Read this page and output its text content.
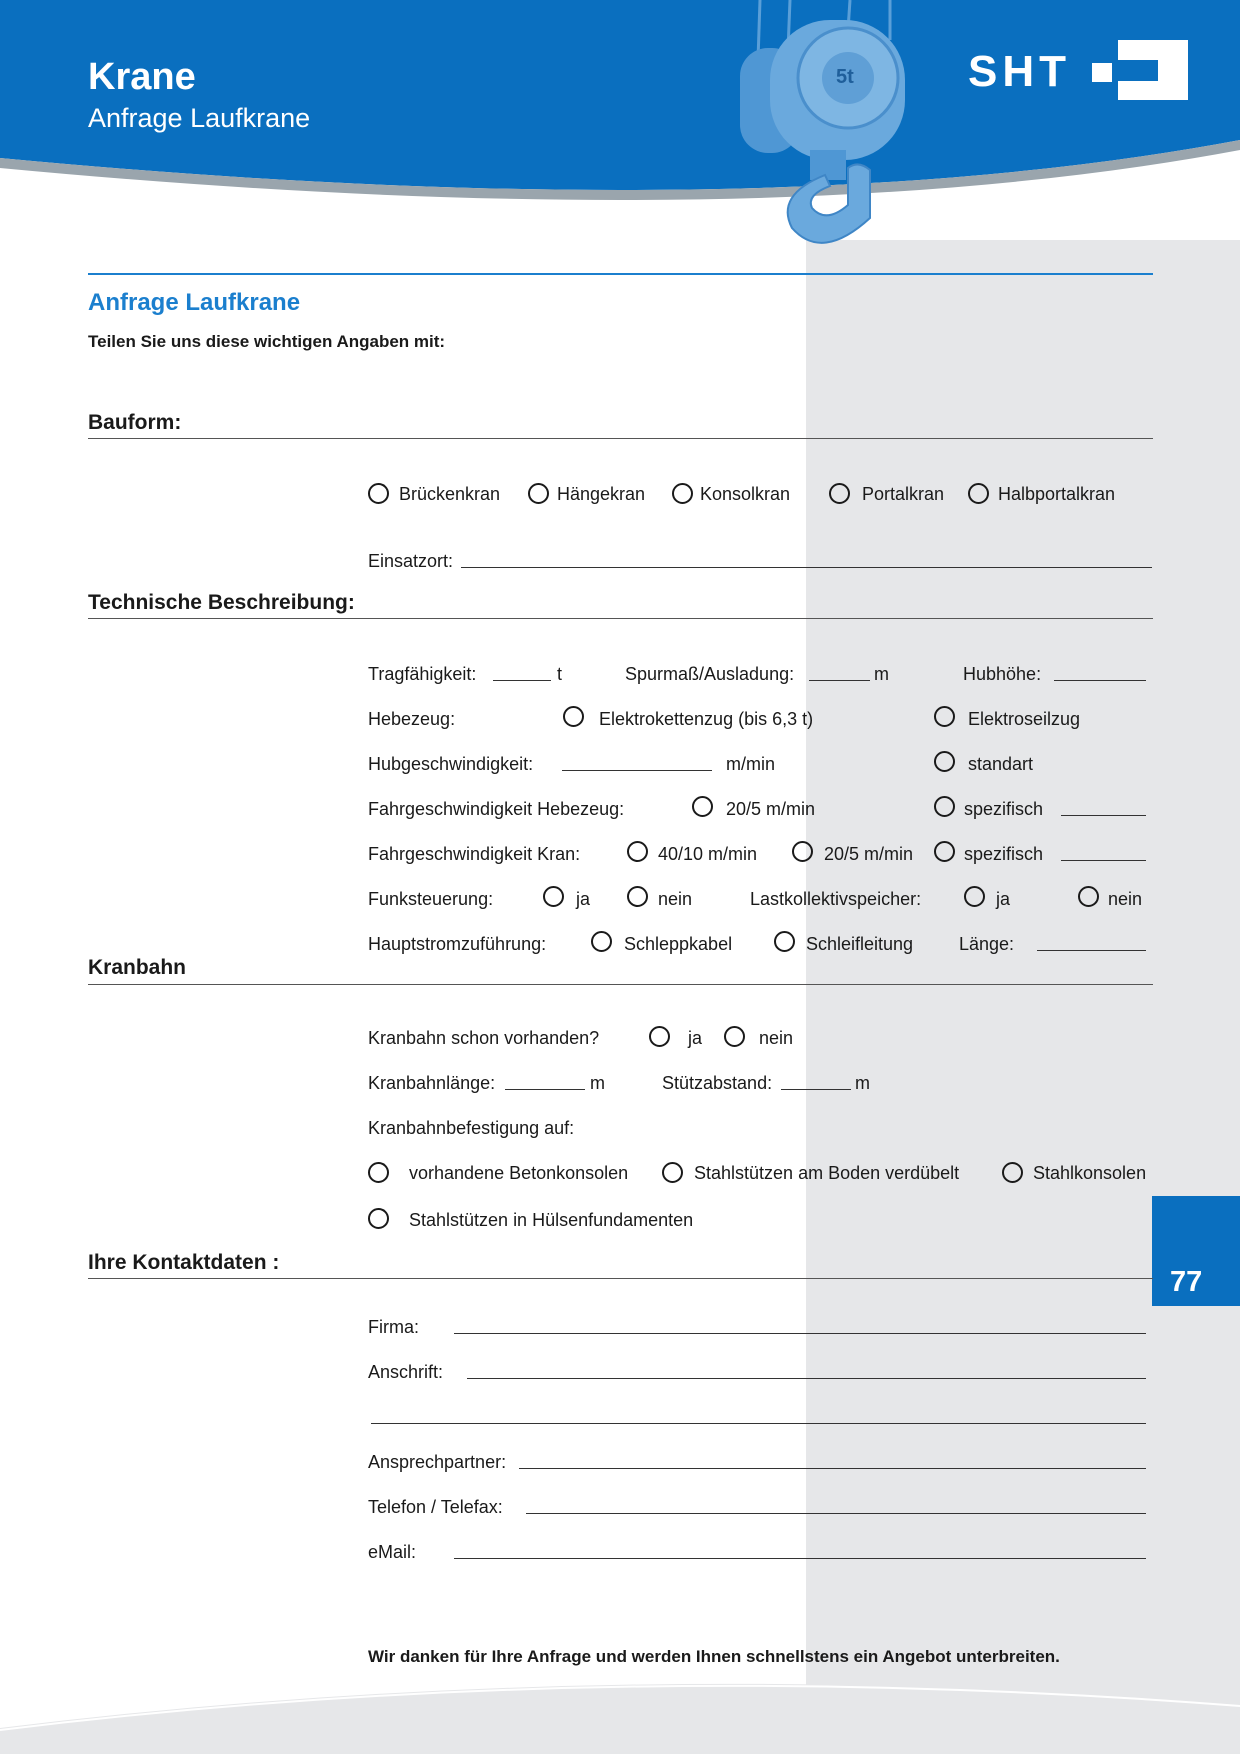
5t
Krane
Anfrage Laufkrane
SHT
Anfrage Laufkrane
Teilen Sie uns diese wichtigen Angaben mit:
Bauform:
Brückenkran	Hängekran	Konsolkran	Portalkran	Halbportalkran
Einsatzort:
Technische Beschreibung:
Tragfähigkeit:	t	Spurmaß/Ausladung:	m	Hubhöhe:
Hebezeug:	Elektrokettenzug (bis 6,3 t)	Elektroseilzug
Hubgeschwindigkeit:	m/min	standart
Fahrgeschwindigkeit Hebezeug:	20/5 m/min	spezifisch
Fahrgeschwindigkeit Kran:	40/10 m/min	20/5 m/min	spezifisch
Funksteuerung:	ja	nein	Lastkollektivspeicher:	ja	nein
Hauptstromzuführung:	Schleppkabel	Schleifleitung	Länge:
Kranbahn
Kranbahn schon vorhanden?	ja	nein
Kranbahnlänge:	m	Stützabstand:	m
Kranbahnbefestigung auf:
vorhandene Betonkonsolen	Stahlstützen am Boden verdübelt	Stahlkonsolen
Stahlstützen in Hülsenfundamenten
77
Ihre Kontaktdaten :
Firma:
Anschrift:
Ansprechpartner:
Telefon / Telefax:
eMail:
Wir danken für Ihre Anfrage und werden Ihnen schnellstens ein Angebot unterbreiten.
